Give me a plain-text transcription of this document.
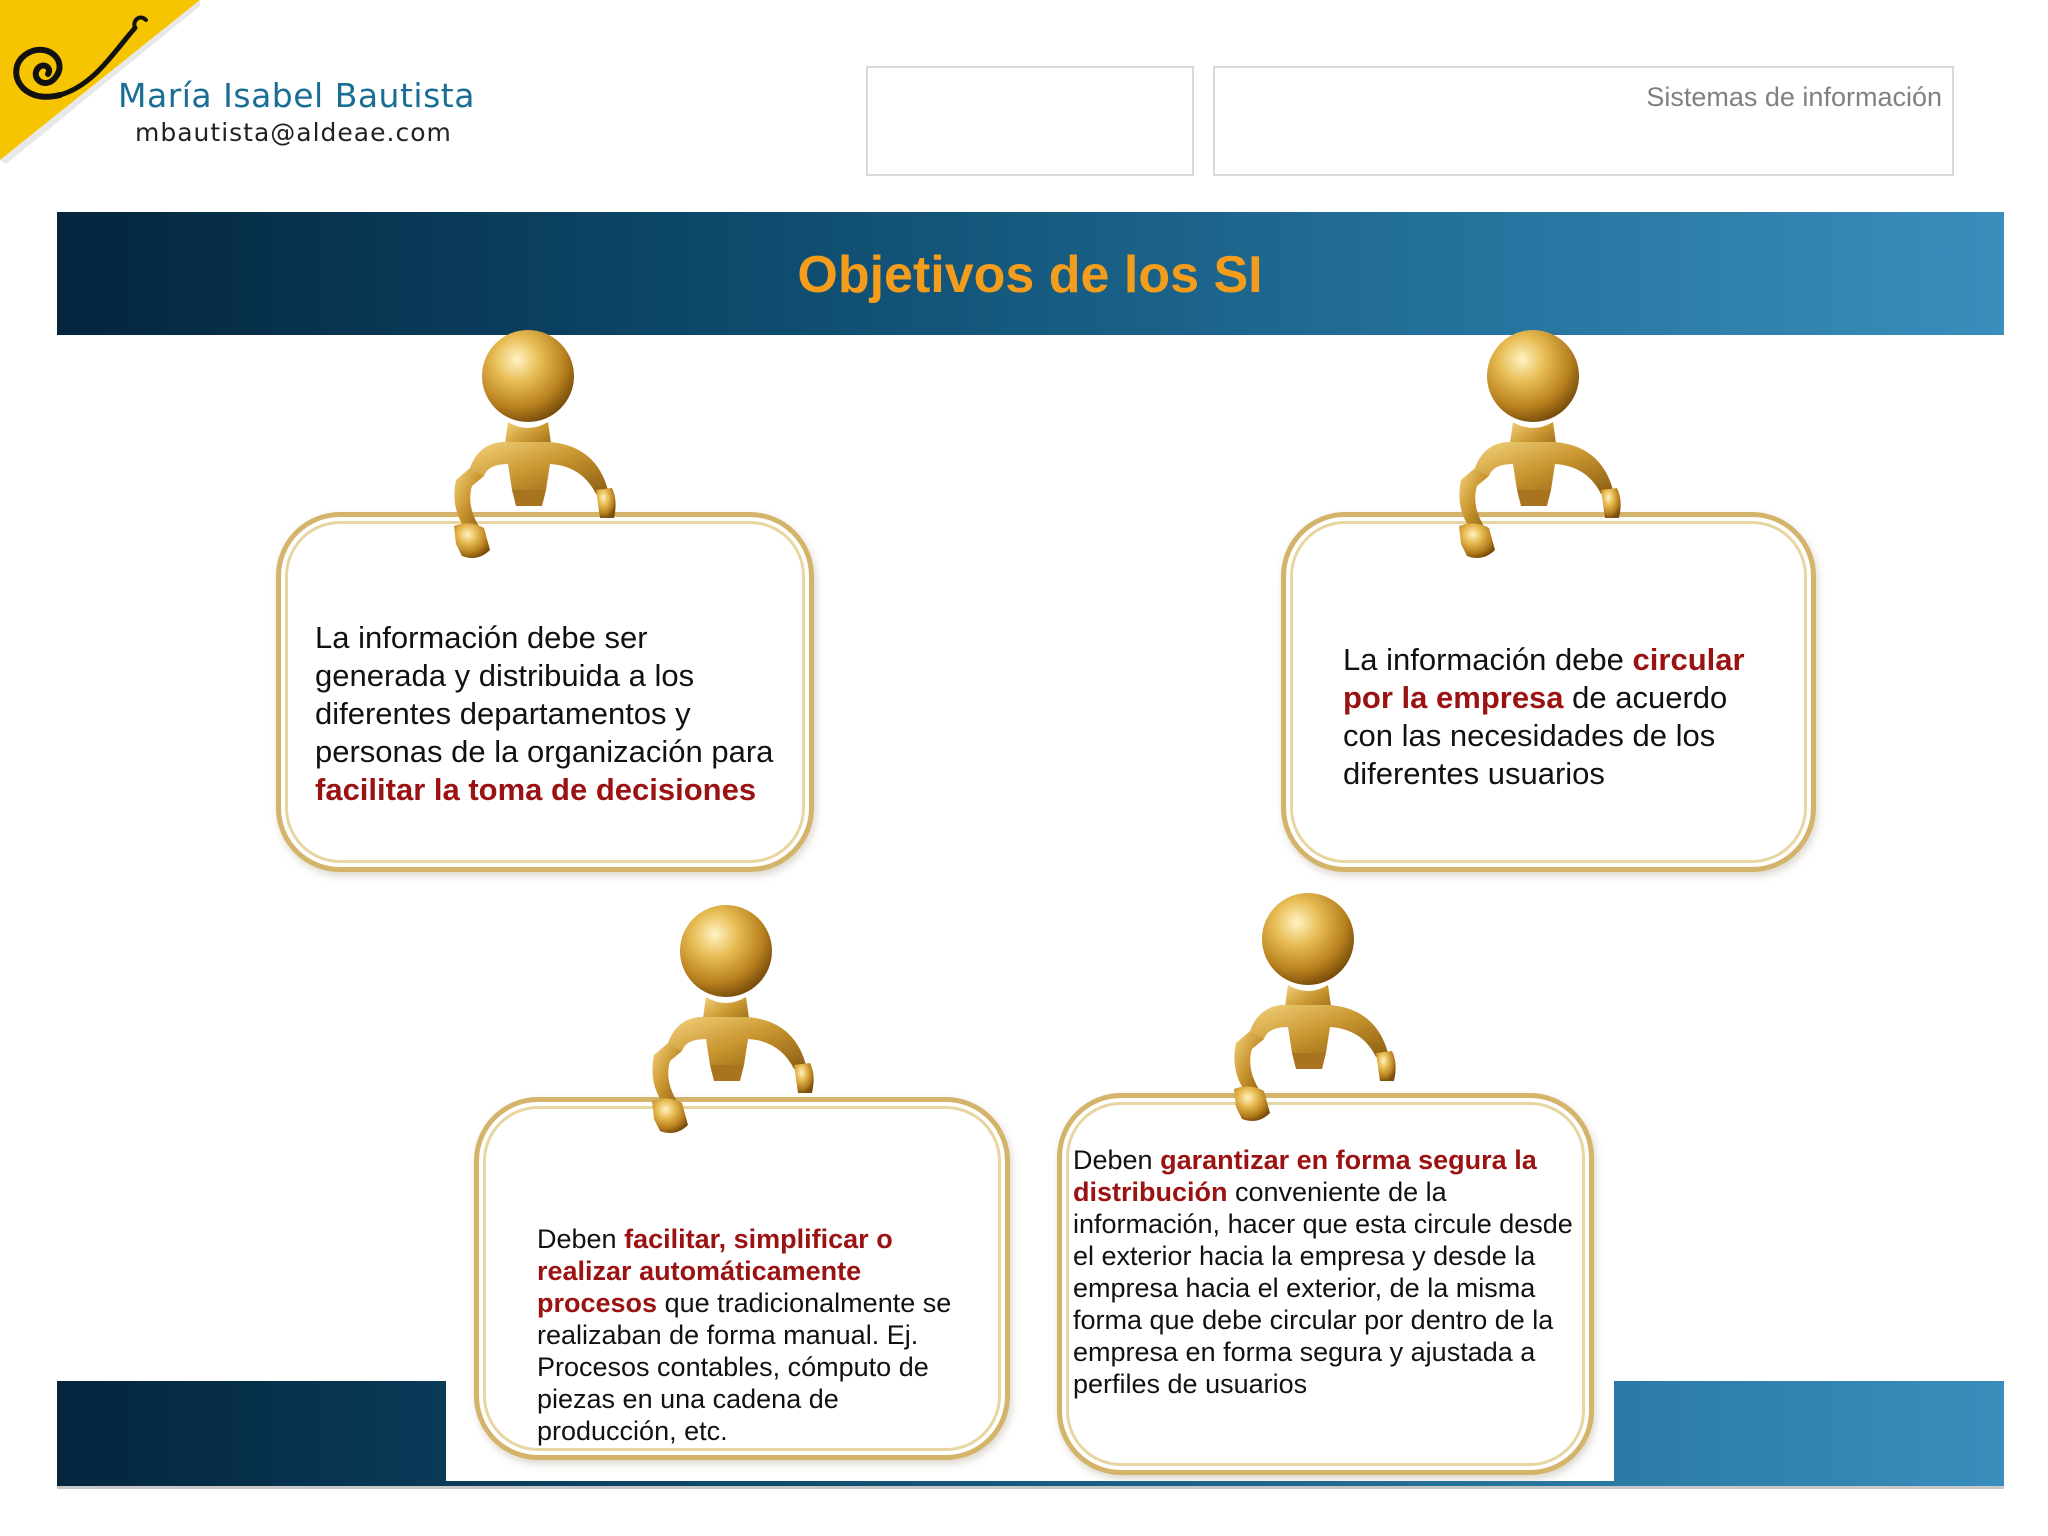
María Isabel Bautista
mbautista@aldeae.com
Sistemas de información
Objetivos de los SI
La información debe ser generada y distribuida a los diferentes departamentos y personas de la organización para facilitar la toma de decisiones
La información debe circular por la empresa de acuerdo con las necesidades de los diferentes usuarios
Deben facilitar, simplificar o realizar automáticamente procesos que tradicionalmente se realizaban de forma manual. Ej. Procesos contables, cómputo de piezas en una cadena de producción, etc.
Deben garantizar en forma segura la distribución conveniente de la información, hacer que esta circule desde el exterior hacia la empresa y desde la empresa hacia el exterior, de la misma forma que debe circular por dentro de la empresa en forma segura y ajustada a perfiles de usuarios
